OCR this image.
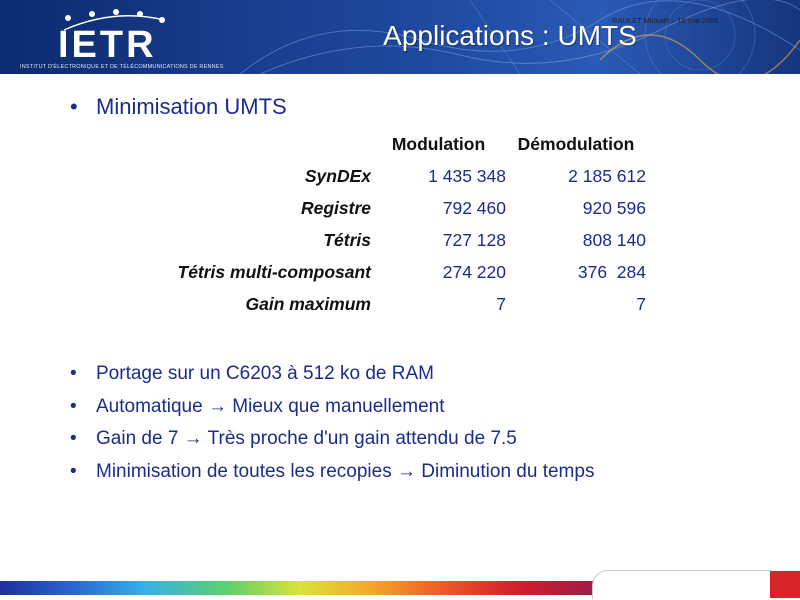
IETR
INSTITUT D'ÉLECTRONIQUE ET DE TÉLÉCOMMUNICATIONS DE RENNES
Applications : UMTS
• Minimisation UMTS
	Modulation	Démodulation
SynDEx	1 435 348	2 185 612
Registre	792 460	920 596
Tétris	727 128	808 140
Tétris multi-composant	274 220	376  284
Gain maximum	7	7
• Portage sur un C6203 à 512 ko de RAM
• Automatique → Mieux que manuellement
• Gain de 7 → Très proche d'un gain attendu de 7.5
• Minimisation de toutes les recopies → Diminution du temps
RAULET Mickaël – 18 mai 2005
